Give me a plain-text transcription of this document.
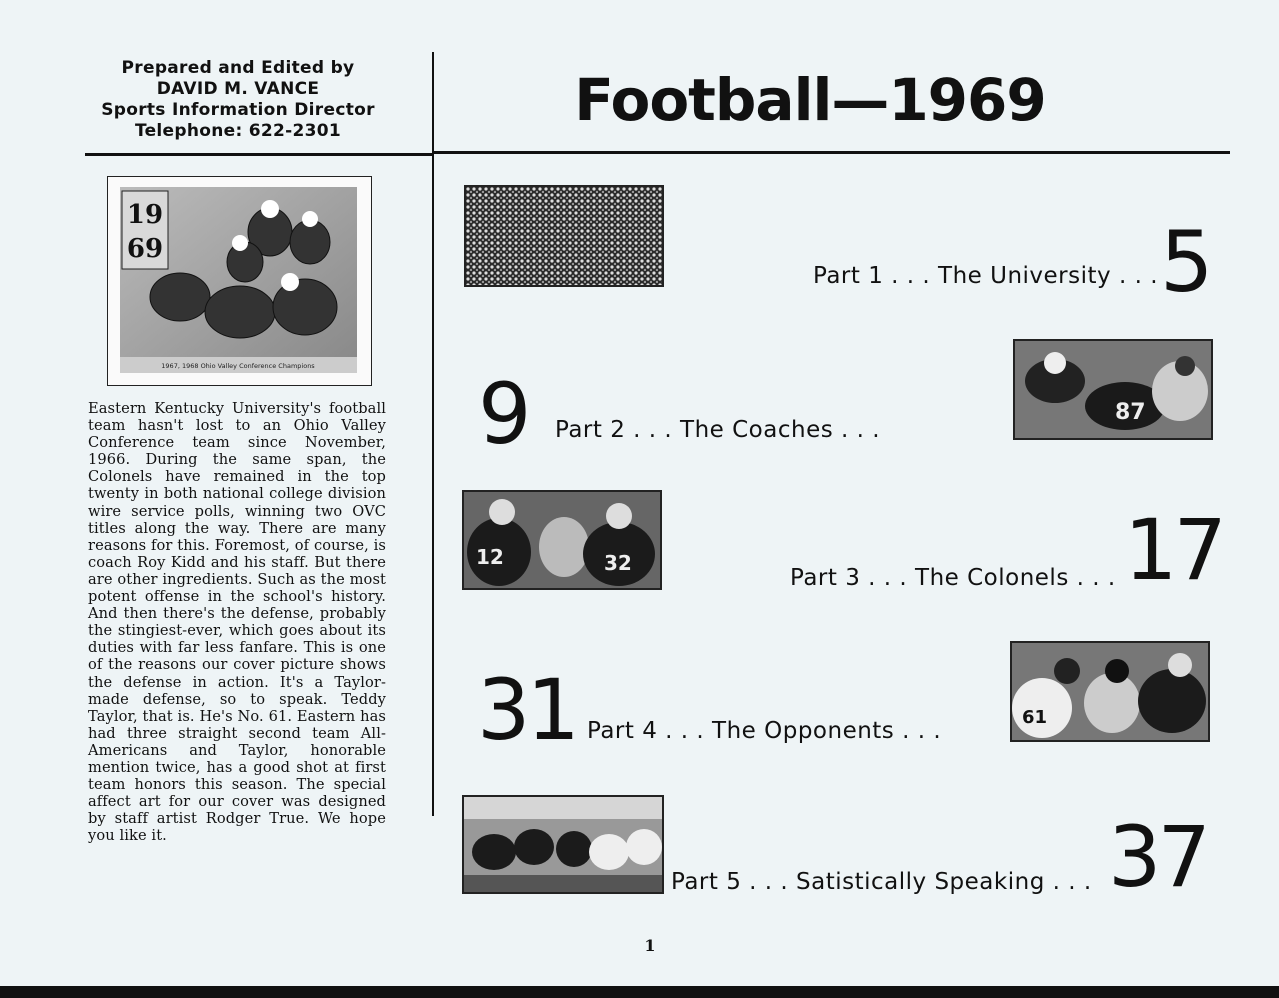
Prepared and Edited by
DAVID M. VANCE
Sports Information Director
Telephone: 622-2301	Football—1969
19
69
1967, 1968 Ohio Valley Conference Champions
Eastern Kentucky University's football team hasn't lost to an Ohio Valley Conference team since November, 1966. During the same span, the Colonels have remained in the top twenty in both national college division wire service polls, winning two OVC titles along the way. There are many reasons for this. Foremost, of course, is coach Roy Kidd and his staff. But there are other ingredients. Such as the most potent offense in the school's history. And then there's the defense, probably the stingiest-ever, which goes about its duties with far less fanfare. This is one of the reasons our cover picture shows the defense in action. It's a Taylor-made defense, so to speak. Teddy Taylor, that is. He's No. 61. Eastern has had three straight second team All-Americans and Taylor, honorable mention twice, has a good shot at first team honors this season. The special affect art for our cover was designed by staff artist Rodger True. We hope you like it.
87
12	32
61
Part 1 . . . The University . . . 5
9 Part 2 . . . The Coaches . . .
Part 3 . . . The Colonels . . . 17
31 Part 4 . . . The Opponents . . .
Part 5 . . . Satistically Speaking . . . 37
1
